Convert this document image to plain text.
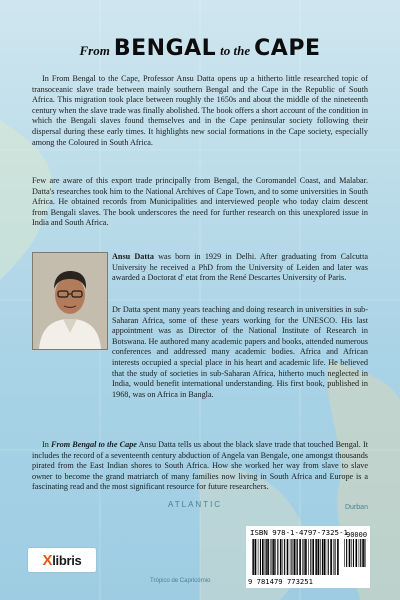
ATLANTIC	Durban
Trópico de Capricórnio
From BENGAL to the CAPE

In From Bengal to the Cape, Professor Ansu Datta opens up a hitherto little researched topic of transoceanic slave trade between mainly southern Bengal and the Cape in the Republic of South Africa. This migration took place between roughly the 1650s and about the middle of the nineteenth century when the slave trade was finally abolished. The book offers a short account of the condition in which the Bengali slaves found themselves and in the Cape peninsular society following their dispersal during these early times. It highlights new social formations in the Cape society, especially among the Coloured in South Africa.

Few are aware of this export trade principally from Bengal, the Coromandel Coast, and Malabar. Datta's researches took him to the National Archives of Cape Town, and to some universities in South Africa. He obtained records from Municipalities and interviewed people who today claim descent from Bengali slaves. The book underscores the need for further research on this unexplored issue in India and South Africa.

Ansu Datta was born in 1929 in Delhi. After graduating from Calcutta University he received a PhD from the University of Leiden and later was awarded a Doctorat d' etat from the René Descartes University of Paris.

Dr Datta spent many years teaching and doing research in universities in sub-Saharan Africa, some of these years working for the UNESCO. His last appointment was as Director of the National Institute of Research in Botswana. He authored many academic papers and books, attended numerous conferences and addressed many academic bodies. Africa and African interests occupied a special place in his heart and academic life. He believed that the study of societies in sub-Saharan Africa, hitherto much neglected in India, would benefit international understanding. His first book, published in 1968, was on Africa in Bangla.

In From Bengal to the Cape Ansu Datta tells us about the black slave trade that touched Bengal. It includes the record of a seventeenth century abduction of Angela van Bengale, one amongst thousands pirated from the East Indian shores to South Africa. How she worked her way from slave to slave owner to become the grand matriarch of many families now living in South Africa and Europe is a fascinating read and the most significant resource for future researchers.

Xlibris
ISBN 978-1-4797-7325-1
90000
9 781479 773251
